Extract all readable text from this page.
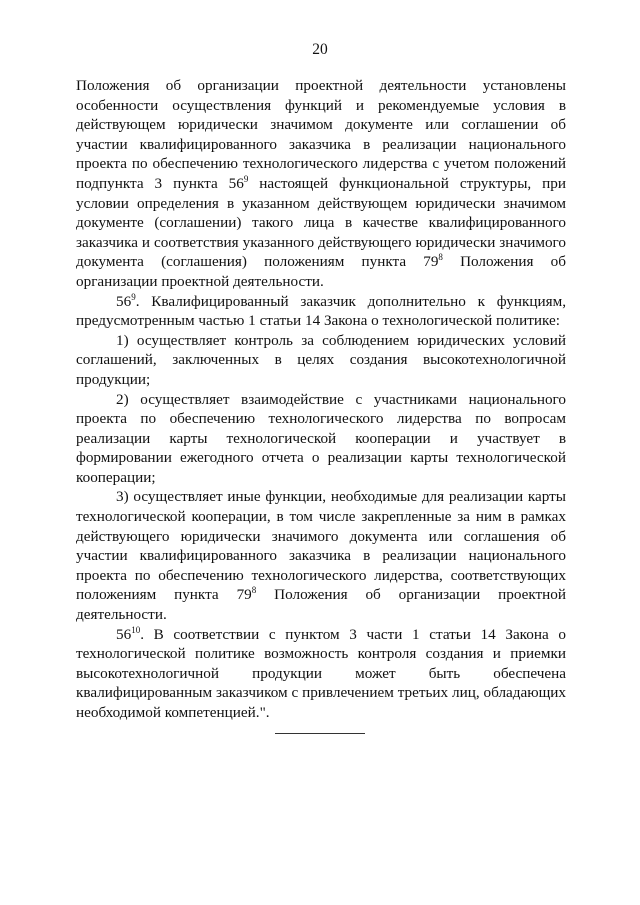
20

Положения об организации проектной деятельности установлены особенности осуществления функций и рекомендуемые условия в действующем юридически значимом документе или соглашении об участии квалифицированного заказчика в реализации национального проекта по обеспечению технологического лидерства с учетом положений подпункта 3 пункта $56^9$ настоящей функциональной структуры, при условии определения в указанном действующем юридически значимом документе (соглашении) такого лица в качестве квалифицированного заказчика и соответствия указанного действующего юридически значимого документа (соглашения) положениям пункта $79^8$ Положения об организации проектной деятельности.

$56^9$. Квалифицированный заказчик дополнительно к функциям, предусмотренным частью 1 статьи 14 Закона о технологической политике:

1) осуществляет контроль за соблюдением юридических условий соглашений, заключенных в целях создания высокотехнологичной продукции;

2) осуществляет взаимодействие с участниками национального проекта по обеспечению технологического лидерства по вопросам реализации карты технологической кооперации и участвует в формировании ежегодного отчета о реализации карты технологической кооперации;

3) осуществляет иные функции, необходимые для реализации карты технологической кооперации, в том числе закрепленные за ним в рамках действующего юридически значимого документа или соглашения об участии квалифицированного заказчика в реализации национального проекта по обеспечению технологического лидерства, соответствующих положениям пункта $79^8$ Положения об организации проектной деятельности.

$56^{10}$. В соответствии с пунктом 3 части 1 статьи 14 Закона о технологической политике возможность контроля создания и приемки высокотехнологичной продукции может быть обеспечена квалифицированным заказчиком с привлечением третьих лиц, обладающих необходимой компетенцией.".
